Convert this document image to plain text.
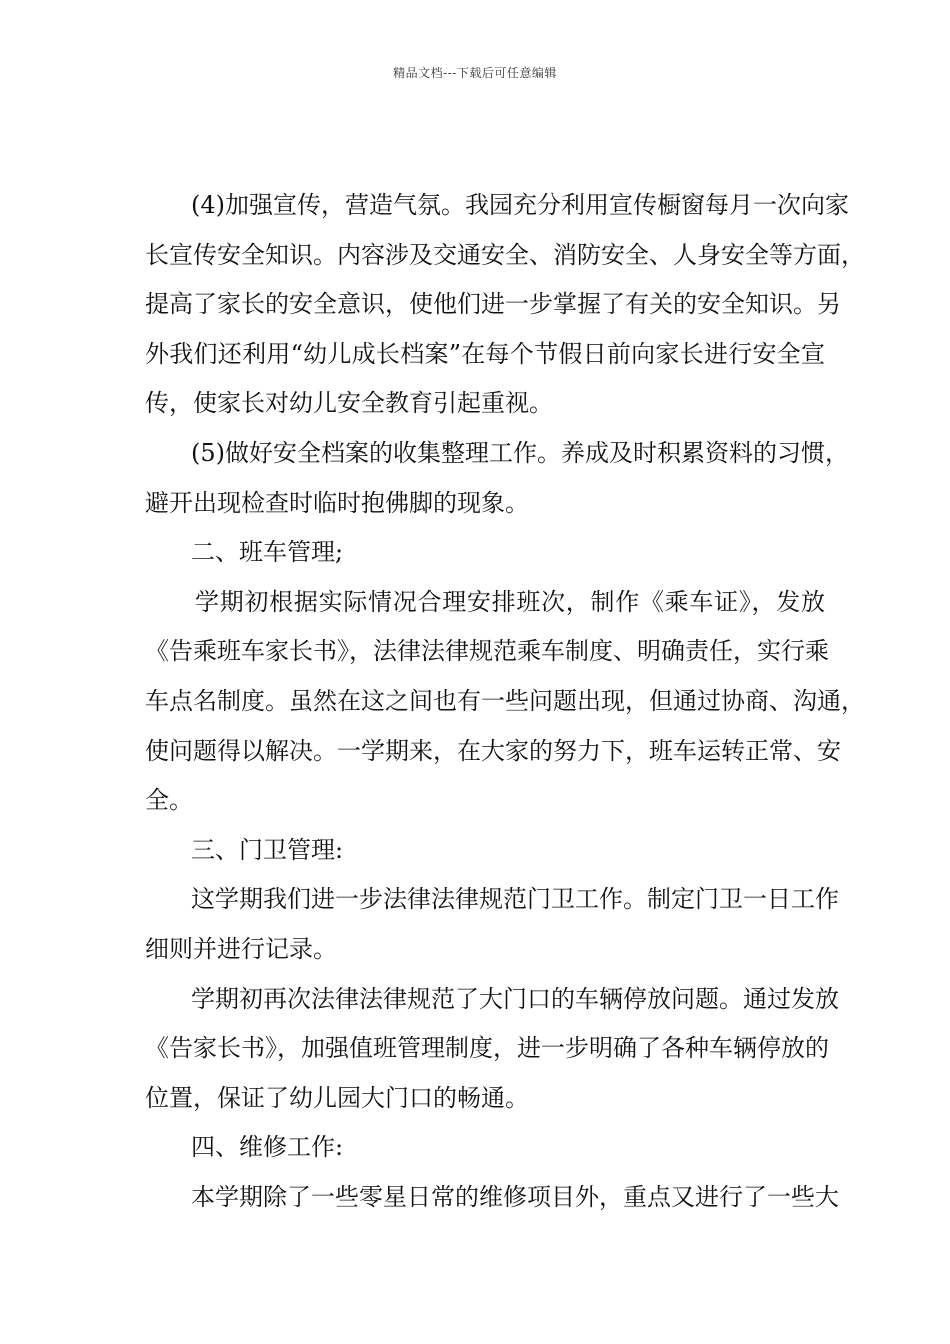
精品文档---下载后可任意编辑
(4)加强宣传，营造气氛。我园充分利用宣传橱窗每月一次向家
长宣传安全知识。内容涉及交通安全、消防安全、人身安全等方面，
提高了家长的安全意识，使他们进一步掌握了有关的安全知识。另
外我们还利用“幼儿成长档案”在每个节假日前向家长进行安全宣
传，使家长对幼儿安全教育引起重视。
(5)做好安全档案的收集整理工作。养成及时积累资料的习惯，
避开出现检查时临时抱佛脚的现象。
二、班车管理;
学期初根据实际情况合理安排班次，制作《乘车证》，发放
《告乘班车家长书》，法律法律规范乘车制度、明确责任，实行乘
车点名制度。虽然在这之间也有一些问题出现，但通过协商、沟通，
使问题得以解决。一学期来，在大家的努力下，班车运转正常、安
全。
三、门卫管理:
这学期我们进一步法律法律规范门卫工作。制定门卫一日工作
细则并进行记录。
学期初再次法律法律规范了大门口的车辆停放问题。通过发放
《告家长书》，加强值班管理制度，进一步明确了各种车辆停放的
位置，保证了幼儿园大门口的畅通。
四、维修工作:
本学期除了一些零星日常的维修项目外，重点又进行了一些大
